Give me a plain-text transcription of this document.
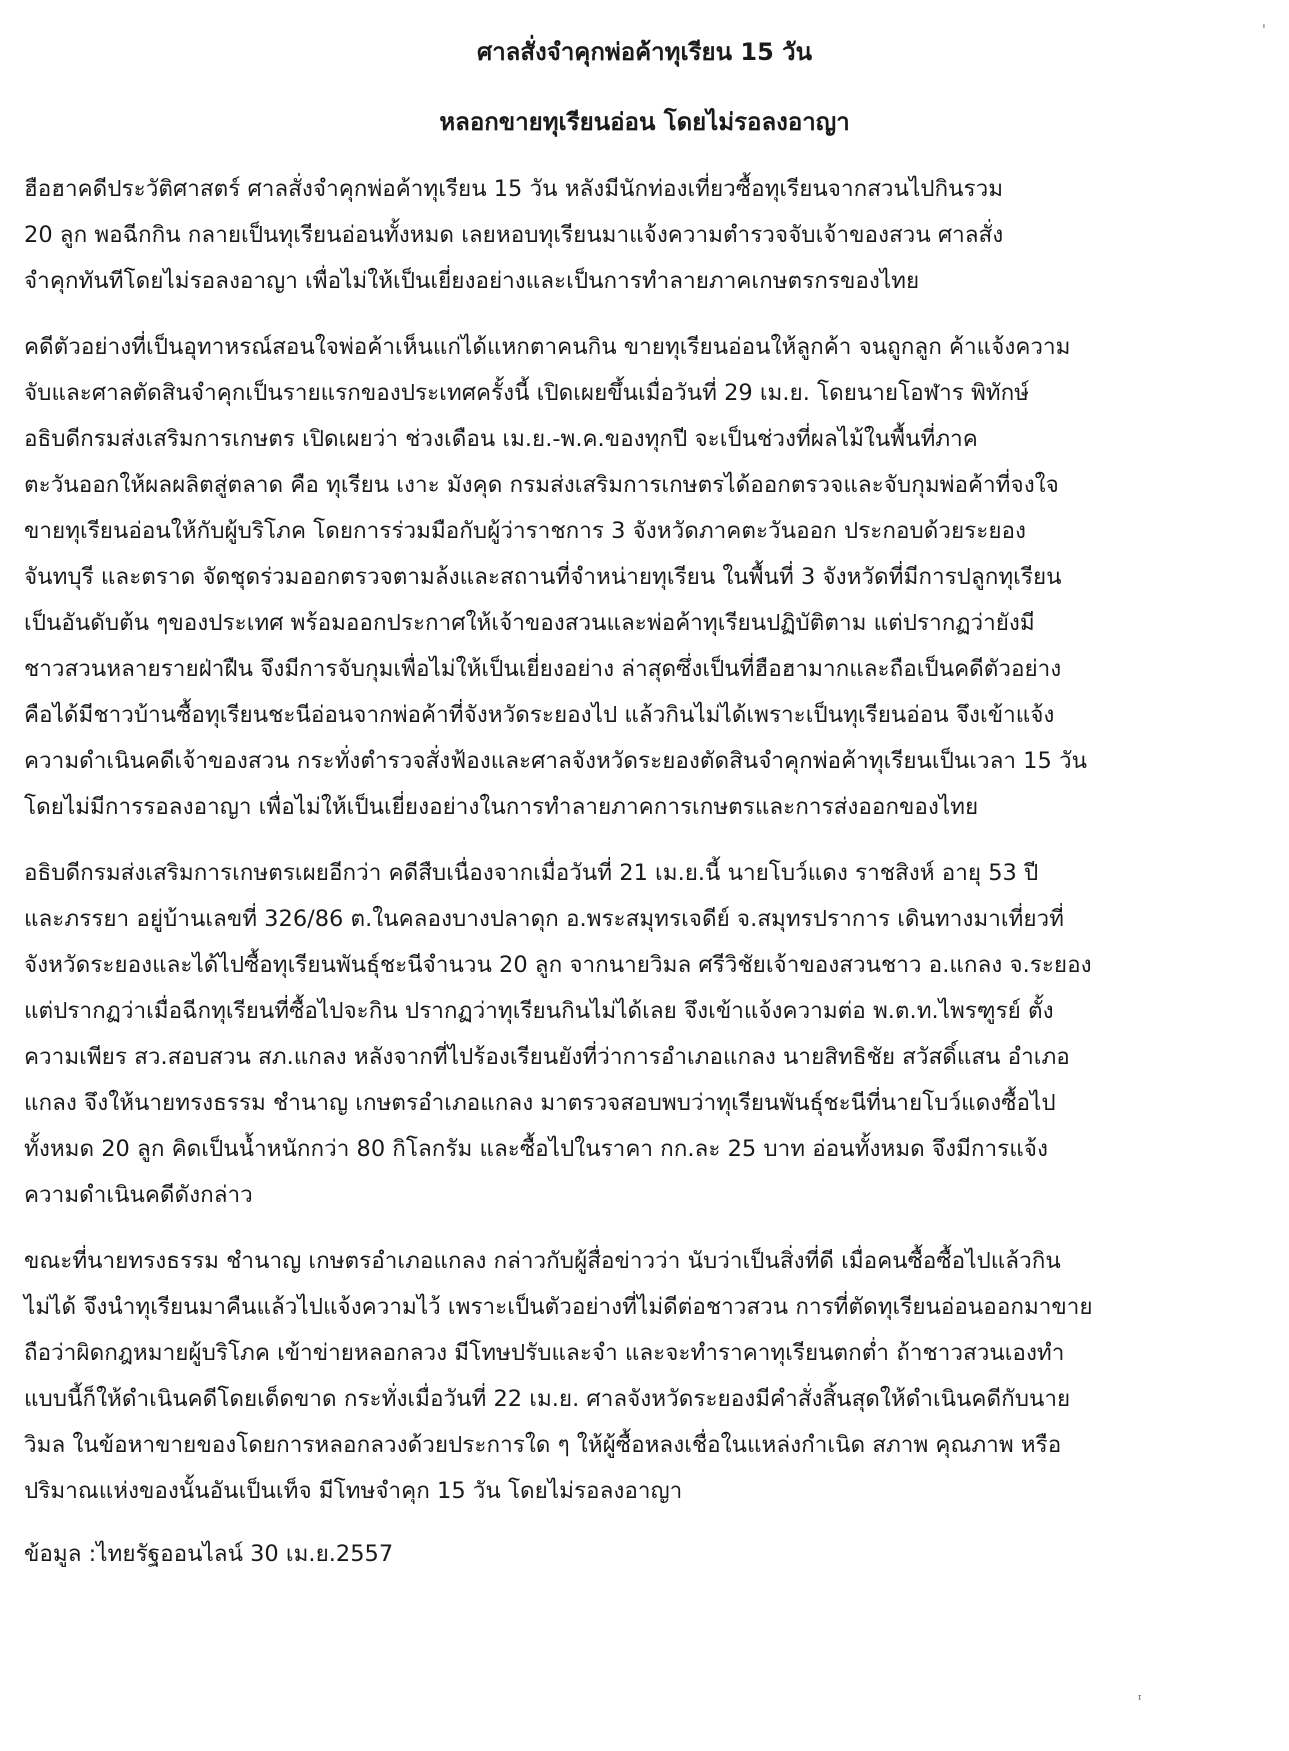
ศาลสั่งจำคุกพ่อค้าทุเรียน 15 วัน
หลอกขายทุเรียนอ่อน โดยไม่รอลงอาญา

ฮือฮาคดีประวัติศาสตร์ ศาลสั่งจำคุกพ่อค้าทุเรียน 15 วัน หลังมีนักท่องเที่ยวซื้อทุเรียนจากสวนไปกินรวม
20 ลูก พอฉีกกิน กลายเป็นทุเรียนอ่อนทั้งหมด เลยหอบทุเรียนมาแจ้งความตำรวจจับเจ้าของสวน ศาลสั่ง
จำคุกทันทีโดยไม่รอลงอาญา เพื่อไม่ให้เป็นเยี่ยงอย่างและเป็นการทำลายภาคเกษตรกรของไทย

คดีตัวอย่างที่เป็นอุทาหรณ์สอนใจพ่อค้าเห็นแก่ได้แหกตาคนกิน ขายทุเรียนอ่อนให้ลูกค้า จนถูกลูก ค้าแจ้งความ
จับและศาลตัดสินจำคุกเป็นรายแรกของประเทศครั้งนี้ เปิดเผยขึ้นเมื่อวันที่ 29 เม.ย. โดยนายโอฬาร พิทักษ์
อธิบดีกรมส่งเสริมการเกษตร เปิดเผยว่า ช่วงเดือน เม.ย.-พ.ค.ของทุกปี จะเป็นช่วงที่ผลไม้ในพื้นที่ภาค
ตะวันออกให้ผลผลิตสู่ตลาด คือ ทุเรียน เงาะ มังคุด กรมส่งเสริมการเกษตรได้ออกตรวจและจับกุมพ่อค้าที่จงใจ
ขายทุเรียนอ่อนให้กับผู้บริโภค โดยการร่วมมือกับผู้ว่าราชการ 3 จังหวัดภาคตะวันออก ประกอบด้วยระยอง
จันทบุรี และตราด จัดชุดร่วมออกตรวจตามล้งและสถานที่จำหน่ายทุเรียน ในพื้นที่ 3 จังหวัดที่มีการปลูกทุเรียน
เป็นอันดับต้น ๆของประเทศ พร้อมออกประกาศให้เจ้าของสวนและพ่อค้าทุเรียนปฏิบัติตาม แต่ปรากฏว่ายังมี
ชาวสวนหลายรายฝ่าฝืน จึงมีการจับกุมเพื่อไม่ให้เป็นเยี่ยงอย่าง ล่าสุดซึ่งเป็นที่ฮือฮามากและถือเป็นคดีตัวอย่าง
คือได้มีชาวบ้านซื้อทุเรียนชะนีอ่อนจากพ่อค้าที่จังหวัดระยองไป แล้วกินไม่ได้เพราะเป็นทุเรียนอ่อน จึงเข้าแจ้ง
ความดำเนินคดีเจ้าของสวน กระทั่งตำรวจสั่งฟ้องและศาลจังหวัดระยองตัดสินจำคุกพ่อค้าทุเรียนเป็นเวลา 15 วัน
โดยไม่มีการรอลงอาญา เพื่อไม่ให้เป็นเยี่ยงอย่างในการทำลายภาคการเกษตรและการส่งออกของไทย

อธิบดีกรมส่งเสริมการเกษตรเผยอีกว่า คดีสืบเนื่องจากเมื่อวันที่ 21 เม.ย.นี้ นายโบว์แดง ราชสิงห์ อายุ 53 ปี
และภรรยา อยู่บ้านเลขที่ 326/86 ต.ในคลองบางปลาดุก อ.พระสมุทรเจดีย์ จ.สมุทรปราการ เดินทางมาเที่ยวที่
จังหวัดระยองและได้ไปซื้อทุเรียนพันธุ์ชะนีจำนวน 20 ลูก จากนายวิมล ศรีวิชัยเจ้าของสวนชาว อ.แกลง จ.ระยอง
แต่ปรากฏว่าเมื่อฉีกทุเรียนที่ซื้อไปจะกิน ปรากฏว่าทุเรียนกินไม่ได้เลย จึงเข้าแจ้งความต่อ พ.ต.ท.ไพรฑูรย์ ตั้ง
ความเพียร สว.สอบสวน สภ.แกลง หลังจากที่ไปร้องเรียนยังที่ว่าการอำเภอแกลง นายสิทธิชัย สวัสดิ์แสน อำเภอ
แกลง จึงให้นายทรงธรรม ชำนาญ เกษตรอำเภอแกลง มาตรวจสอบพบว่าทุเรียนพันธุ์ชะนีที่นายโบว์แดงซื้อไป
ทั้งหมด 20 ลูก คิดเป็นน้ำหนักกว่า 80 กิโลกรัม และซื้อไปในราคา กก.ละ 25 บาท อ่อนทั้งหมด จึงมีการแจ้ง
ความดำเนินคดีดังกล่าว

ขณะที่นายทรงธรรม ชำนาญ เกษตรอำเภอแกลง กล่าวกับผู้สื่อข่าวว่า นับว่าเป็นสิ่งที่ดี เมื่อคนซื้อซื้อไปแล้วกิน
ไม่ได้ จึงนำทุเรียนมาคืนแล้วไปแจ้งความไว้ เพราะเป็นตัวอย่างที่ไม่ดีต่อชาวสวน การที่ตัดทุเรียนอ่อนออกมาขาย
ถือว่าผิดกฎหมายผู้บริโภค เข้าข่ายหลอกลวง มีโทษปรับและจำ และจะทำราคาทุเรียนตกต่ำ ถ้าชาวสวนเองทำ
แบบนี้ก็ให้ดำเนินคดีโดยเด็ดขาด กระทั่งเมื่อวันที่ 22 เม.ย. ศาลจังหวัดระยองมีคำสั่งสิ้นสุดให้ดำเนินคดีกับนาย
วิมล ในข้อหาขายของโดยการหลอกลวงด้วยประการใด ๆ ให้ผู้ซื้อหลงเชื่อในแหล่งกำเนิด สภาพ คุณภาพ หรือ
ปริมาณแห่งของนั้นอันเป็นเท็จ มีโทษจำคุก 15 วัน โดยไม่รอลงอาญา

ข้อมูล :ไทยรัฐออนไลน์ 30 เม.ย.2557

ˌ
ᶦ
